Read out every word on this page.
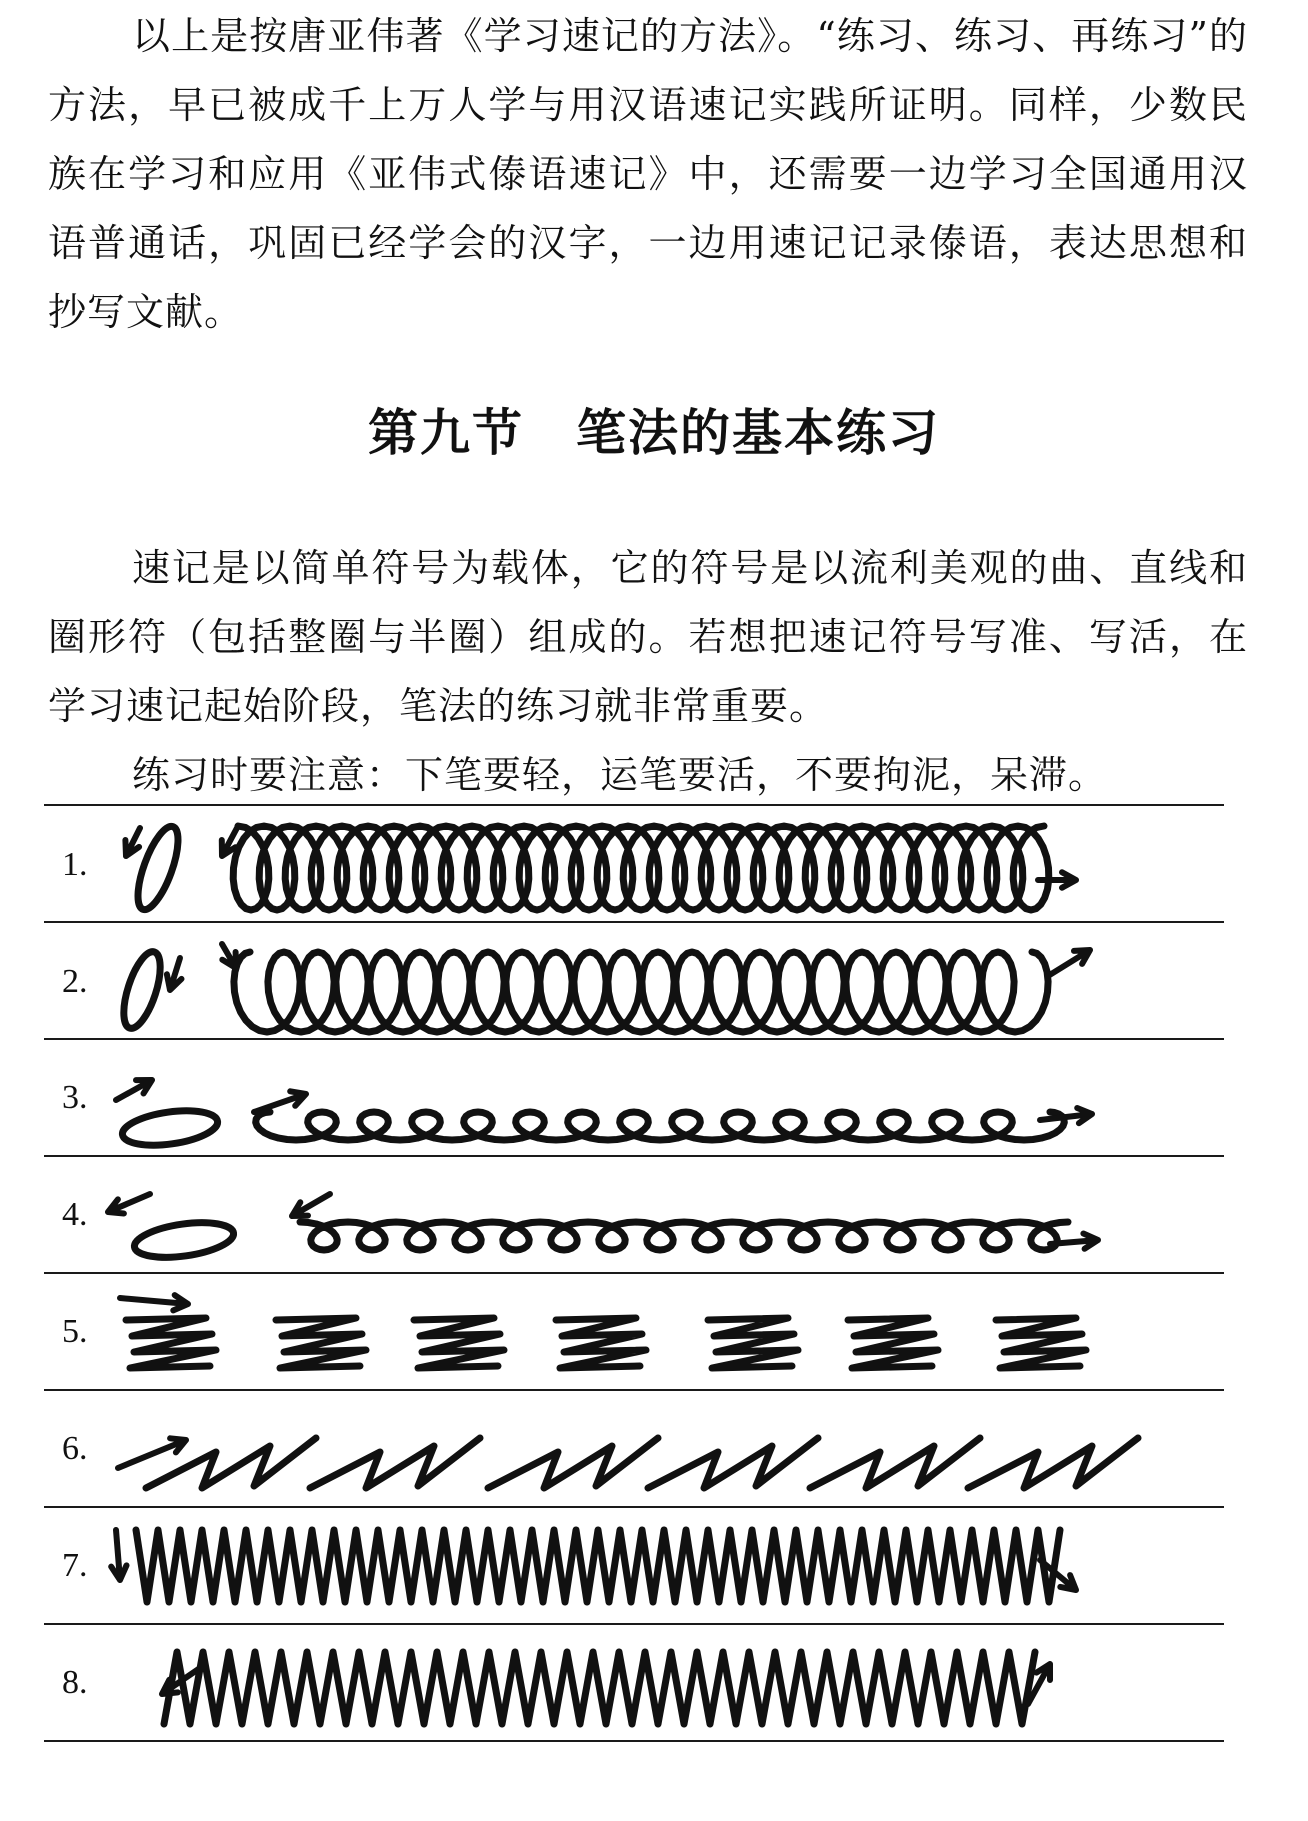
以上是按唐亚伟著《学习速记的方法》。“练习、练习、再练习”的方法，早已被成千上万人学与用汉语速记实践所证明。同样，少数民族在学习和应用《亚伟式傣语速记》中，还需要一边学习全国通用汉语普通话，巩固已经学会的汉字，一边用速记记录傣语，表达思想和抄写文献。

第九节 笔法的基本练习

速记是以简单符号为载体，它的符号是以流利美观的曲、直线和圈形符（包括整圈与半圈）组成的。若想把速记符号写准、写活，在学习速记起始阶段，笔法的练习就非常重要。

练习时要注意：下笔要轻，运笔要活，不要拘泥，呆滞。

1.
2.
3.
4.
5.
6.
7.
8.
